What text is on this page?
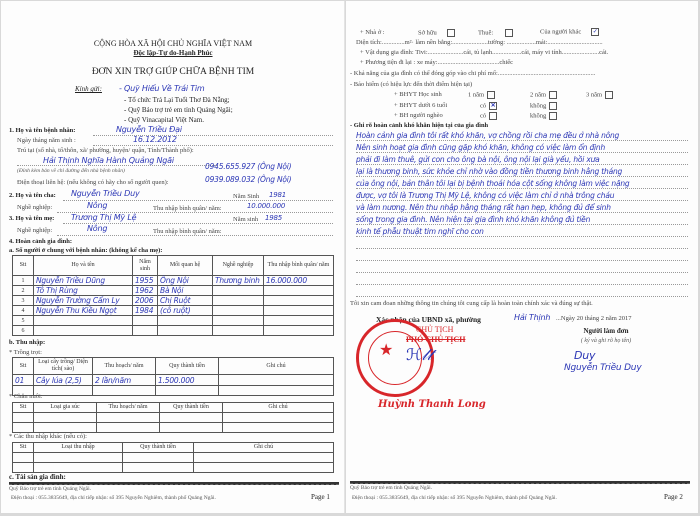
CỘNG HÒA XÃ HỘI CHỦ NGHĨA VIỆT NAM
Độc lập-Tự do-Hạnh Phúc
ĐƠN XIN TRỢ GIÚP CHỮA BỆNH TIM
Kính gửi: - Quỹ Hiểu Về Trái Tim
- Tổ chức Trả Lại Tuổi Thơ Đà Nẵng;
- Quỹ Bảo trợ trẻ em tỉnh Quảng Ngãi;
- Quỹ Vinacapital Việt Nam.
1. Họ và tên bệnh nhân:	Nguyễn Triều Đại
Ngày tháng năm sinh :	16.12.2012
Trú tại (số nhà, tổ/thôn, xã/ phường, huyện/ quận, Tỉnh/Thành phố):
Hải Thịnh Nghĩa Hành Quảng Ngãi
(Đính kèm bản vẽ chỉ đường đến nhà bệnh nhân)
Điện thoại liên hệ: (nếu không có hãy cho số người quen):
0945.655.927 (Ông Nội)
0939.089.032 (Ông Nội)
2. Họ và tên cha: Nguyễn Triều Duy	Năm Sinh 1981
Nghề nghiệp:	Nông	Thu nhập bình quân/ năm:	10.000.000
3. Họ và tên mẹ: Trương Thị Mỹ Lệ	Năm sinh 1985
Nghề nghiệp:	Nông	Thu nhập bình quân/ năm:
4. Hoàn cảnh gia đình:
a. Số người ở chung với bệnh nhân: (không kể cha mẹ):
Stt	Họ và tên	Năm sinh	Mối quan hệ	Nghề nghiệp	Thu nhập bình quân/ năm
1	Nguyễn Triều Dũng	1955	Ông Nội	Thương binh	16.000.000
2	Tô Thị Rùng	1962	Bà Nội		
3	Nguyễn Trường Cẩm Ly	2006	Chị Ruột		
4	Nguyễn Thu Kiều Ngọt	1984	(cô ruột)		
5					
6					
b. Thu nhập:
* Trồng trọt:
Stt	Loại cây trồng/ Diện tích( sào)	Thu hoạch/ năm	Quy thành tiền	Ghi chú
01	Cây lúa (2,5)	2 lần/năm	1.500.000	

* Chăn nuôi:
Stt	Loại gia súc	Thu hoạch/ năm	Quy thành tiền	Ghi chú

* Các thu nhập khác (nếu có):
Stt	Loại thu nhập	Quy thành tiền	Ghi chú

c. Tài sản gia đình:
Quỹ Bảo trợ trẻ em tỉnh Quảng Ngãi.
Điện thoại : 055.3835649, địa chỉ tiếp nhận: số 395 Nguyễn Nghiêm, thành phố Quảng Ngãi.	Page 1
+ Nhà ở :	Sở hữu	Thuê:	Của người khác ✓
Diện tích:..............m²· làm nền bằng:......................tường: ..................mái:..................................
+ Vật dụng gia đình: Tivi:......................cái, tủ lạnh..................cái, máy vi tính.......................cái.
+ Phương tiện đi lại : xe máy:......................................chiếc
- Khả năng của gia đình có thể đóng góp vào chi phí mổ:............................................................
- Bảo hiểm (có hiệu lực đến thời điểm hiện tại)
+ BHYT Học sinh	1 năm	2 năm	3 năm
+ BHYT dưới 6 tuổi	có ✕	không
+ BH người nghèo	có	không
- Ghi rõ hoàn cảnh khó khăn hiện tại của gia đình
Hoàn cảnh gia đình tôi rất khó khăn, vợ chồng rồi cha mẹ đều ở nhà nông
Nên sinh hoạt gia đình cũng gặp khó khăn, không có việc làm ổn định
phải đi làm thuê, gửi con cho ông bà nội, ông nội lại già yếu, hồi xưa
lại là thương binh, sức khỏe chỉ nhờ vào đồng tiền thương binh hằng tháng
của ông nội, bản thân tôi lại bị bệnh thoái hóa cột sống không làm việc nặng
được, vợ tôi là Trương Thị Mỹ Lệ, không có việc làm chỉ ở nhà trông cháu
và làm nương. Nên thu nhập hằng tháng rất hạn hẹp, không đủ để sinh
sống trong gia đình. Nên hiện tại gia đình khó khăn không đủ tiền
kinh tế phẫu thuật tim nghĩ cho con
Tôi xin cam đoan những thông tin chúng tôi cung cấp là hoàn toàn chính xác và đúng sự thật.
Xác nhận của UBND xã, phường
★
CHỦ TỊCH
PHÓ CHỦ TỊCH
ℋ𝓁𝓉
Huỳnh Thanh Long
Hải Thịnh ...Ngày 20 tháng 2 năm 2017
Người làm đơn
( ký và ghi rõ họ tên)
Duy
Nguyễn Triều Duy
Quỹ Bảo trợ trẻ em tỉnh Quảng Ngãi.
Điện thoại : 055.3835649, địa chỉ tiếp nhận: số 395 Nguyễn Nghiêm, thành phố Quảng Ngãi.	Page 2
